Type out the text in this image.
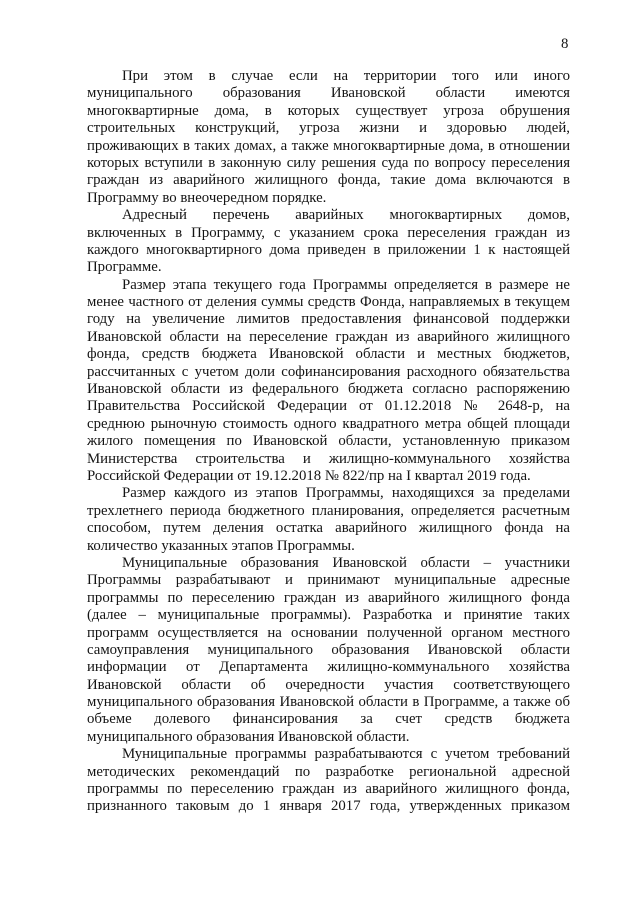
8
При этом в случае если на территории того или иного
муниципального образования Ивановской области имеются
многоквартирные дома, в которых существует угроза обрушения
строительных конструкций, угроза жизни и здоровью людей,
проживающих в таких домах, а также многоквартирные дома, в отношении
которых вступили в законную силу решения суда по вопросу переселения
граждан из аварийного жилищного фонда, такие дома включаются в
Программу во внеочередном порядке.
Адресный перечень аварийных многоквартирных домов,
включенных в Программу, с указанием срока переселения граждан из
каждого многоквартирного дома приведен в приложении 1 к настоящей
Программе.
Размер этапа текущего года Программы определяется в размере не
менее частного от деления суммы средств Фонда, направляемых в текущем
году на увеличение лимитов предоставления финансовой поддержки
Ивановской области на переселение граждан из аварийного жилищного
фонда, средств бюджета Ивановской области и местных бюджетов,
рассчитанных с учетом доли софинансирования расходного обязательства
Ивановской области из федерального бюджета согласно распоряжению
Правительства Российской Федерации от 01.12.2018 № 2648-р, на
среднюю рыночную стоимость одного квадратного метра общей площади
жилого помещения по Ивановской области, установленную приказом
Министерства строительства и жилищно-коммунального хозяйства
Российской Федерации от 19.12.2018 № 822/пр на I квартал 2019 года.
Размер каждого из этапов Программы, находящихся за пределами
трехлетнего периода бюджетного планирования, определяется расчетным
способом, путем деления остатка аварийного жилищного фонда на
количество указанных этапов Программы.
Муниципальные образования Ивановской области – участники
Программы разрабатывают и принимают муниципальные адресные
программы по переселению граждан из аварийного жилищного фонда
(далее – муниципальные программы). Разработка и принятие таких
программ осуществляется на основании полученной органом местного
самоуправления муниципального образования Ивановской области
информации от Департамента жилищно-коммунального хозяйства
Ивановской области об очередности участия соответствующего
муниципального образования Ивановской области в Программе, а также об
объеме долевого финансирования за счет средств бюджета
муниципального образования Ивановской области.
Муниципальные программы разрабатываются с учетом требований
методических рекомендаций по разработке региональной адресной
программы по переселению граждан из аварийного жилищного фонда,
признанного таковым до 1 января 2017 года, утвержденных приказом
